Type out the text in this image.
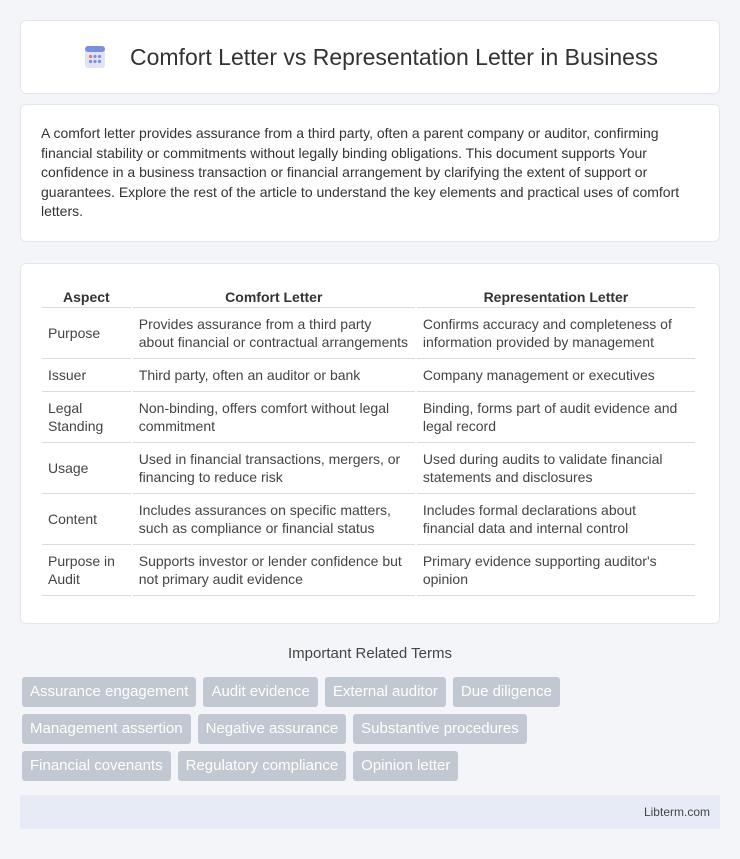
Comfort Letter vs Representation Letter in Business

A comfort letter provides assurance from a third party, often a parent company or auditor, confirming financial stability or commitments without legally binding obligations. This document supports Your confidence in a business transaction or financial arrangement by clarifying the extent of support or guarantees. Explore the rest of the article to understand the key elements and practical uses of comfort letters.

Aspect	Comfort Letter	Representation Letter
Purpose	Provides assurance from a third party about financial or contractual arrangements	Confirms accuracy and completeness of information provided by management
Issuer	Third party, often an auditor or bank	Company management or executives
Legal Standing	Non-binding, offers comfort without legal commitment	Binding, forms part of audit evidence and legal record
Usage	Used in financial transactions, mergers, or financing to reduce risk	Used during audits to validate financial statements and disclosures
Content	Includes assurances on specific matters, such as compliance or financial status	Includes formal declarations about financial data and internal control
Purpose in Audit	Supports investor or lender confidence but not primary audit evidence	Primary evidence supporting auditor's opinion
Important Related Terms
Assurance engagement	Audit evidence	External auditor	Due diligence
Management assertion	Negative assurance	Substantive procedures
Financial covenants	Regulatory compliance	Opinion letter
Libterm.com
